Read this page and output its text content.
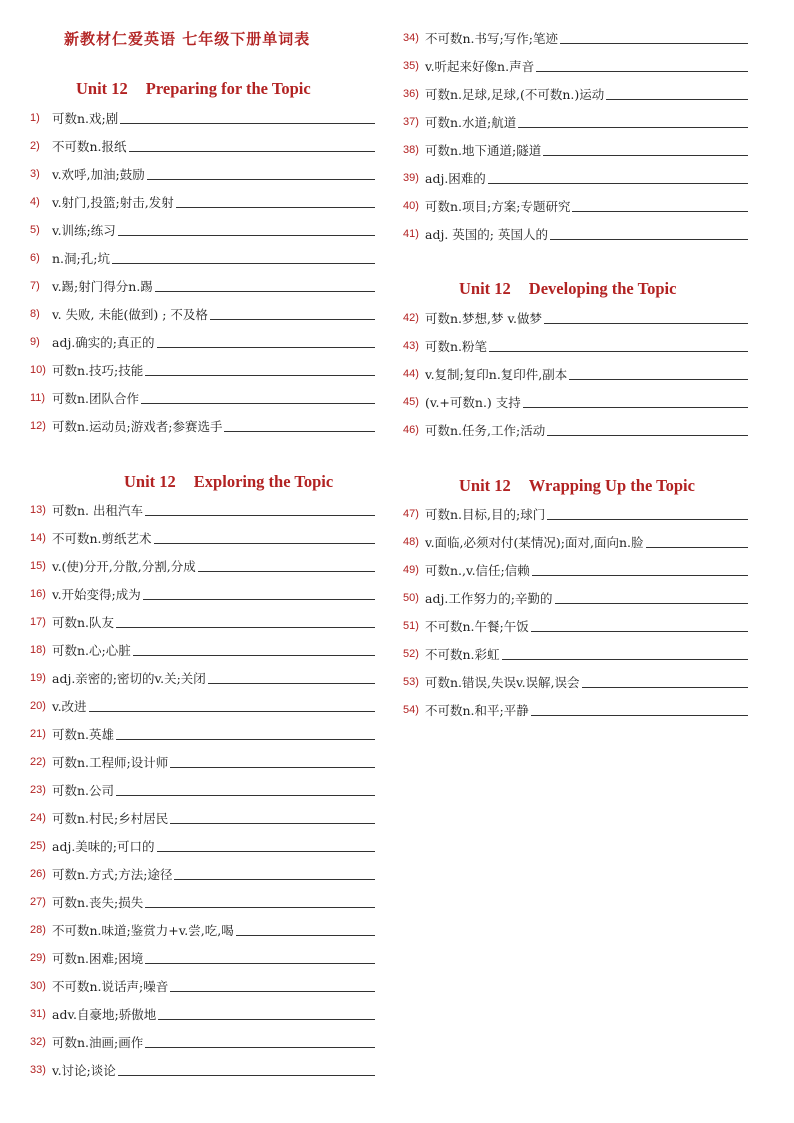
新教材仁爱英语 七年级下册单词表
Unit 12 Preparing for the Topic
1) 可数n.戏;剧
2) 不可数n.报纸
3) v.欢呼,加油;鼓励
4) v.射门,投篮;射击,发射
5) v.训练;练习
6) n.洞;孔;坑
7) v.踢;射门得分n.踢
8) v. 失败, 未能(做到) ; 不及格
9) adj.确实的;真正的
10) 可数n.技巧;技能
11) 可数n.团队合作
12) 可数n.运动员;游戏者;参赛选手
Unit 12 Exploring the Topic
13) 可数n. 出租汽车
14) 不可数n.剪纸艺术
15) v.(使)分开,分散,分割,分成
16) v.开始变得;成为
17) 可数n.队友
18) 可数n.心;心脏
19) adj.亲密的;密切的v.关;关闭
20) v.改进
21) 可数n.英雄
22) 可数n.工程师;设计师
23) 可数n.公司
24) 可数n.村民;乡村居民
25) adj.美味的;可口的
26) 可数n.方式;方法;途径
27) 可数n.丧失;损失
28) 不可数n.味道;鉴赏力+v.尝,吃,喝
29) 可数n.困难;困境
30) 不可数n.说话声;噪音
31) adv.自豪地;骄傲地
32) 可数n.油画;画作
33) v.讨论;谈论
34) 不可数n.书写;写作;笔迹
35) v.听起来好像n.声音
36) 可数n.足球,足球,(不可数n.)运动
37) 可数n.水道;航道
38) 可数n.地下通道;隧道
39) adj.困难的
40) 可数n.项目;方案;专题研究
41) adj. 英国的; 英国人的
Unit 12 Developing the Topic
42) 可数n.梦想,梦 v.做梦
43) 可数n.粉笔
44) v.复制;复印n.复印件,副本
45) (v.+可数n.) 支持
46) 可数n.任务,工作;活动
Unit 12 Wrapping Up the Topic
47) 可数n.目标,目的;球门
48) v.面临,必须对付(某情况);面对,面向n.脸
49) 可数n.,v.信任;信赖
50) adj.工作努力的;辛勤的
51) 不可数n.午餐;午饭
52) 不可数n.彩虹
53) 可数n.错误,失误v.误解,误会
54) 不可数n.和平;平静
